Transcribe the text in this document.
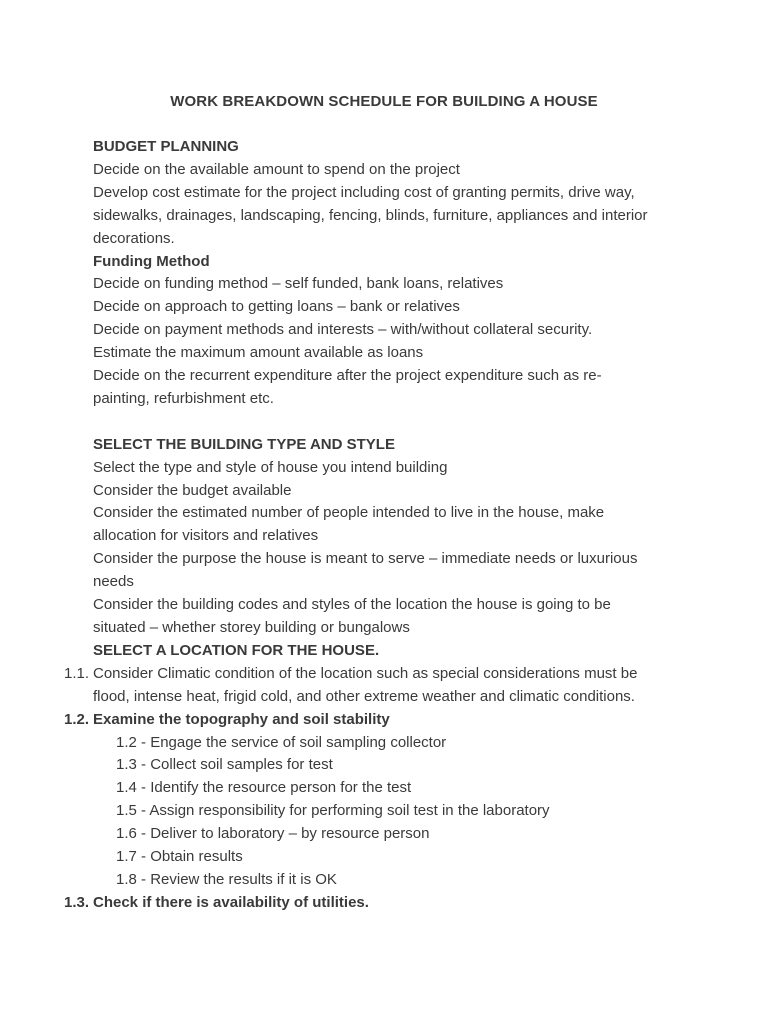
WORK BREAKDOWN SCHEDULE FOR BUILDING A HOUSE
BUDGET PLANNING
Decide on the available amount to spend on the project
Develop cost estimate for the project including cost of granting permits, drive way,
sidewalks, drainages, landscaping, fencing, blinds, furniture, appliances and interior
decorations.
Funding Method
Decide on funding method – self funded, bank loans, relatives
Decide on approach to getting loans – bank or relatives
Decide on payment methods and interests – with/without collateral security.
Estimate the maximum amount available as loans
Decide on the recurrent expenditure after the project expenditure such as re-
painting, refurbishment etc.
SELECT THE BUILDING TYPE AND STYLE
Select the type and style of house you intend building
Consider the budget available
Consider the estimated number of people intended to live in the house, make
allocation for visitors and relatives
Consider the purpose the house is meant to serve – immediate needs or luxurious
needs
Consider the building codes and styles of the location the house is going to be
situated – whether storey building or bungalows
SELECT A LOCATION FOR THE HOUSE.
1.1. Consider Climatic condition of the location such as special considerations must be
flood, intense heat, frigid cold, and other extreme weather and climatic conditions.
1.2. Examine the topography and soil stability
1.2 - Engage the service of soil sampling collector
1.3 - Collect soil samples for test
1.4 - Identify the resource person for the test
1.5 - Assign responsibility for performing soil test in the laboratory
1.6 - Deliver to laboratory – by resource person
1.7 - Obtain results
1.8 - Review the results if it is OK
1.3. Check if there is availability of utilities.
